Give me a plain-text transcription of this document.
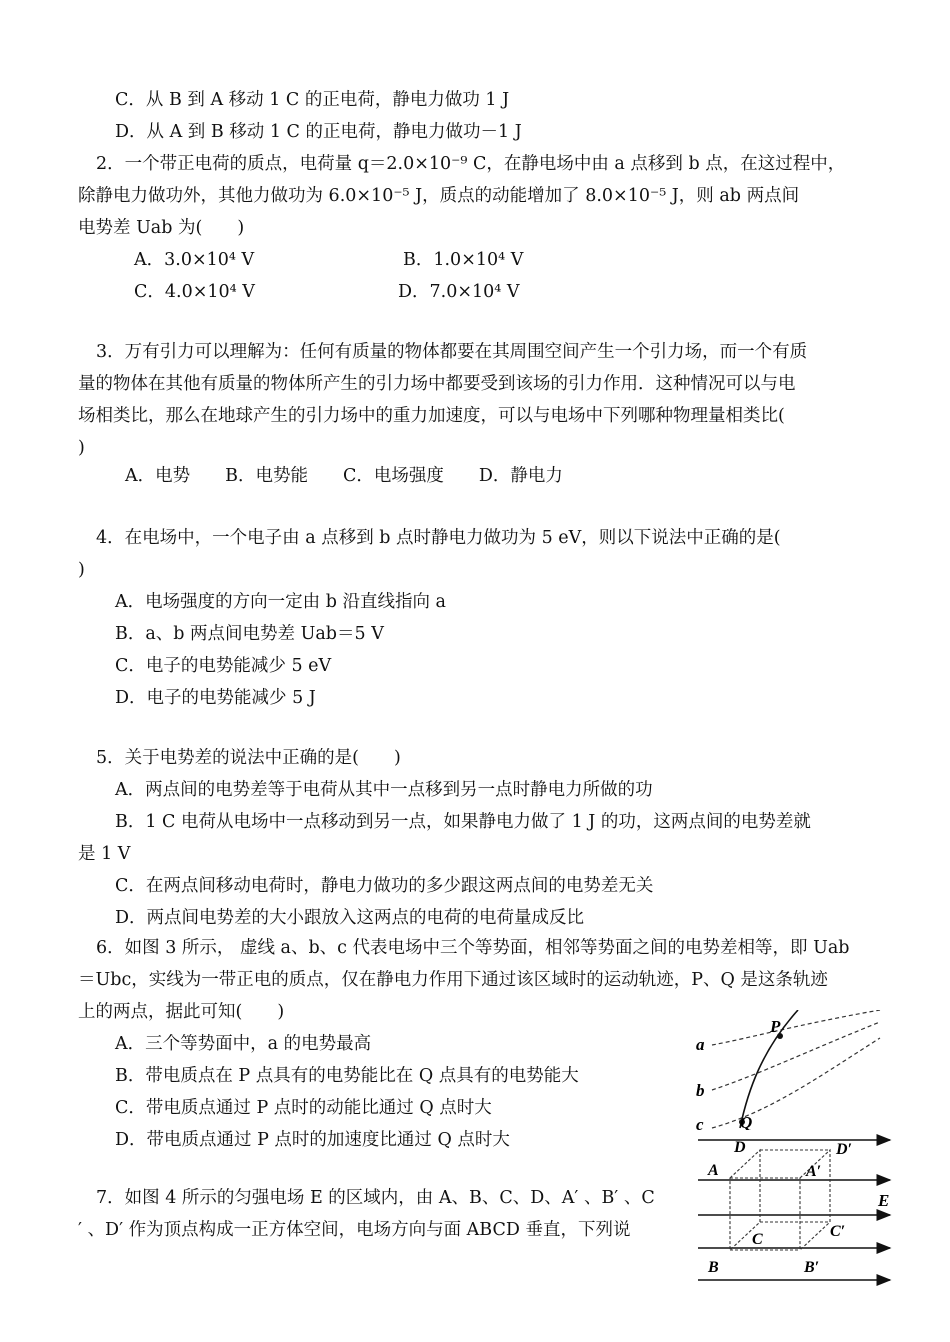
C．从 B 到 A 移动 1 C 的正电荷，静电力做功 1 J
D．从 A 到 B 移动 1 C 的正电荷，静电力做功－1 J
2．一个带正电荷的质点，电荷量 q＝2.0×10⁻⁹ C，在静电场中由 a 点移到 b 点，在这过程中，
除静电力做功外，其他力做功为 6.0×10⁻⁵ J，质点的动能增加了 8.0×10⁻⁵ J，则 ab 两点间
电势差 Uab 为(　　)
A．3.0×10⁴ V	B．1.0×10⁴ V
C．4.0×10⁴ V	D．7.0×10⁴ V
3．万有引力可以理解为：任何有质量的物体都要在其周围空间产生一个引力场，而一个有质
量的物体在其他有质量的物体所产生的引力场中都要受到该场的引力作用．这种情况可以与电
场相类比，那么在地球产生的引力场中的重力加速度，可以与电场中下列哪种物理量相类比(
)
A．电势　　B．电势能　　C．电场强度　　D．静电力
4．在电场中，一个电子由 a 点移到 b 点时静电力做功为 5 eV，则以下说法中正确的是(
)
A．电场强度的方向一定由 b 沿直线指向 a
B．a、b 两点间电势差 Uab＝5 V
C．电子的电势能减少 5 eV
D．电子的电势能减少 5 J
5．关于电势差的说法中正确的是(　　)
A．两点间的电势差等于电荷从其中一点移到另一点时静电力所做的功
B．1 C 电荷从电场中一点移动到另一点，如果静电力做了 1 J 的功，这两点间的电势差就
是 1 V
C．在两点间移动电荷时，静电力做功的多少跟这两点间的电势差无关
D．两点间电势差的大小跟放入这两点的电荷的电荷量成反比
6．如图 3 所示， 虚线 a、b、c 代表电场中三个等势面，相邻等势面之间的电势差相等，即 Uab
＝Ubc，实线为一带正电的质点，仅在静电力作用下通过该区域时的运动轨迹，P、Q 是这条轨迹
上的两点，据此可知(　　)
A．三个等势面中，a 的电势最高
B．带电质点在 P 点具有的电势能比在 Q 点具有的电势能大
C．带电质点通过 P 点时的动能比通过 Q 点时大
D．带电质点通过 P 点时的加速度比通过 Q 点时大
7．如图 4 所示的匀强电场 E 的区域内，由 A、B、C、D、A′ 、B′ 、C
′ 、D′ 作为顶点构成一正方体空间，电场方向与面 ABCD 垂直，下列说
a
b
c
P
Q
D	D′
A	A′
E
C	C′
B	B′
